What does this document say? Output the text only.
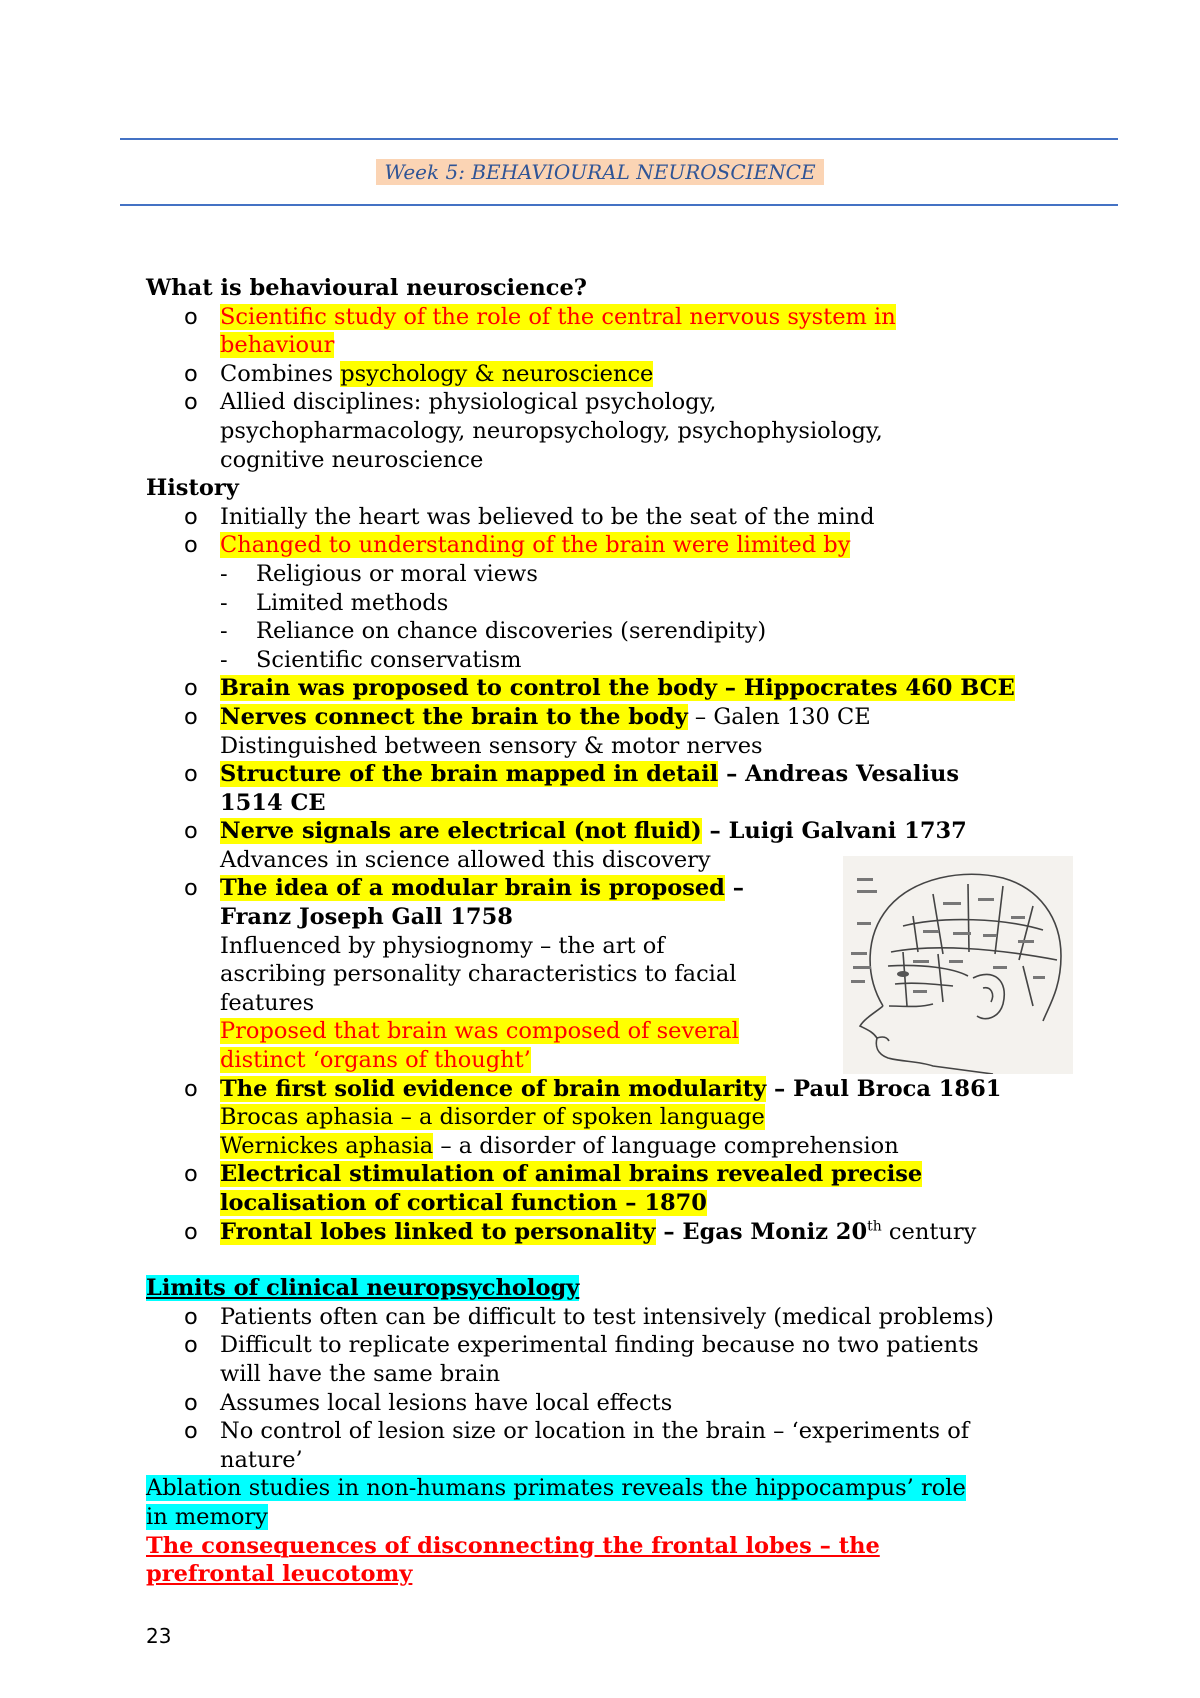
Week 5: BEHAVIOURAL NEUROSCIENCE
What is behavioural neuroscience?
o Scientific study of the role of the central nervous system in
behaviour
o Combines psychology & neuroscience
o Allied disciplines: physiological psychology,
psychopharmacology, neuropsychology, psychophysiology,
cognitive neuroscience
History
o Initially the heart was believed to be the seat of the mind
o Changed to understanding of the brain were limited by
- Religious or moral views
- Limited methods
- Reliance on chance discoveries (serendipity)
- Scientific conservatism
o Brain was proposed to control the body – Hippocrates 460 BCE
o Nerves connect the brain to the body – Galen 130 CE
Distinguished between sensory & motor nerves
o Structure of the brain mapped in detail – Andreas Vesalius
1514 CE
o Nerve signals are electrical (not fluid) – Luigi Galvani 1737
Advances in science allowed this discovery
o The idea of a modular brain is proposed –
Franz Joseph Gall 1758
Influenced by physiognomy – the art of
ascribing personality characteristics to facial
features
Proposed that brain was composed of several
distinct ‘organs of thought’
o The first solid evidence of brain modularity – Paul Broca 1861
Brocas aphasia – a disorder of spoken language
Wernickes aphasia – a disorder of language comprehension
o Electrical stimulation of animal brains revealed precise
localisation of cortical function – 1870
o Frontal lobes linked to personality – Egas Moniz 20th century
Limits of clinical neuropsychology
o Patients often can be difficult to test intensively (medical problems)
o Difficult to replicate experimental finding because no two patients
will have the same brain
o Assumes local lesions have local effects
o No control of lesion size or location in the brain – ‘experiments of
nature’
Ablation studies in non-humans primates reveals the hippocampus’ role
in memory
The consequences of disconnecting the frontal lobes – the
prefrontal leucotomy
23
